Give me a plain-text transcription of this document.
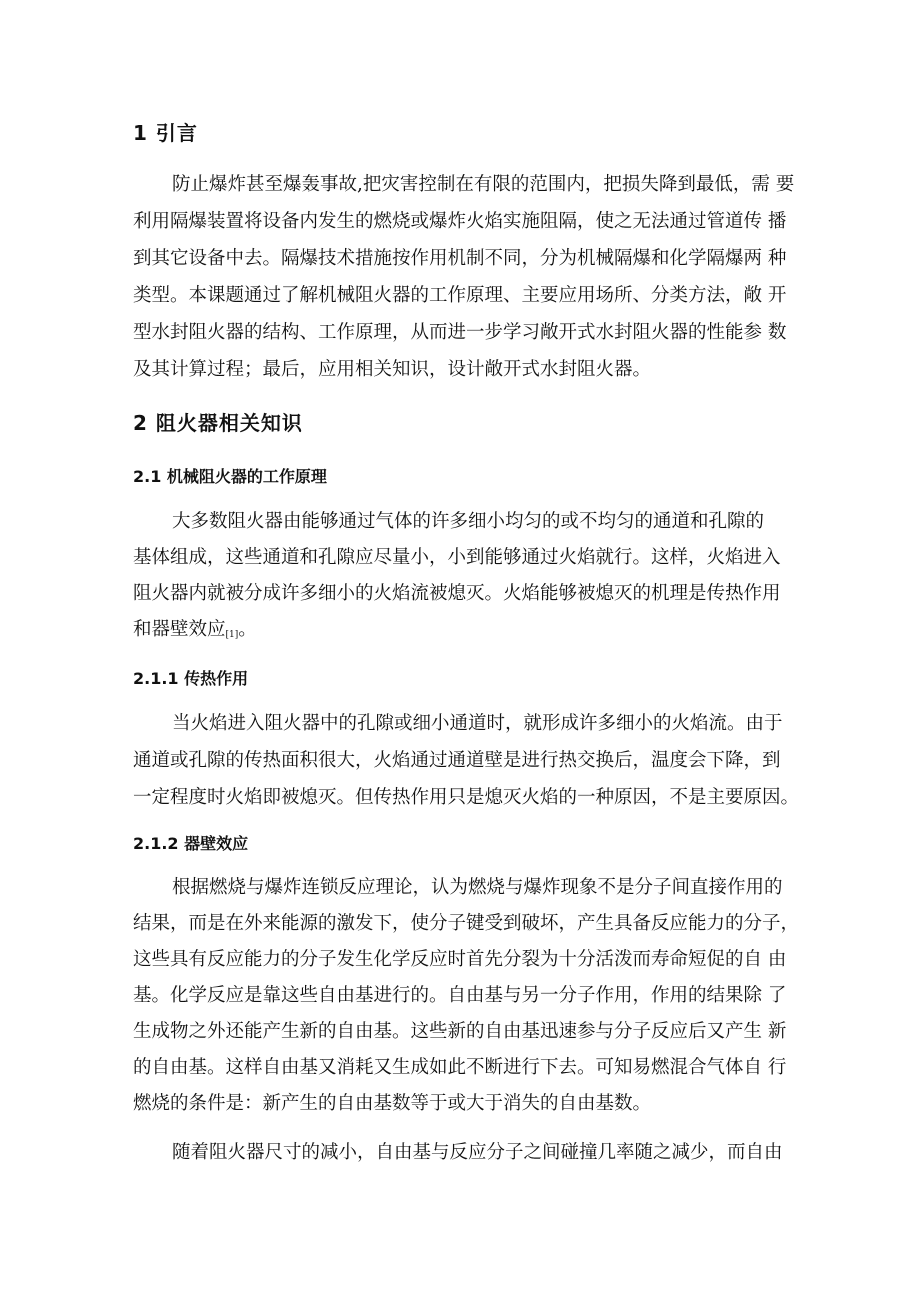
1 引言
防止爆炸甚至爆轰事故,把灾害控制在有限的范围内，把损失降到最低，需 要
利用隔爆装置将设备内发生的燃烧或爆炸火焰实施阻隔，使之无法通过管道传 播
到其它设备中去。隔爆技术措施按作用机制不同，分为机械隔爆和化学隔爆两 种
类型。本课题通过了解机械阻火器的工作原理、主要应用场所、分类方法，敞 开
型水封阻火器的结构、工作原理，从而进一步学习敞开式水封阻火器的性能参 数
及其计算过程；最后，应用相关知识，设计敞开式水封阻火器。
2 阻火器相关知识
2.1 机械阻火器的工作原理
大多数阻火器由能够通过气体的许多细小均匀的或不均匀的通道和孔隙的
基体组成，这些通道和孔隙应尽量小，小到能够通过火焰就行。这样，火焰进入
阻火器内就被分成许多细小的火焰流被熄灭。火焰能够被熄灭的机理是传热作用
和器壁效应[1]。
2.1.1 传热作用
当火焰进入阻火器中的孔隙或细小通道时，就形成许多细小的火焰流。由于
通道或孔隙的传热面积很大，火焰通过通道壁是进行热交换后，温度会下降，到
一定程度时火焰即被熄灭。但传热作用只是熄灭火焰的一种原因，不是主要原因。
2.1.2 器壁效应
根据燃烧与爆炸连锁反应理论，认为燃烧与爆炸现象不是分子间直接作用的
结果，而是在外来能源的激发下，使分子键受到破坏，产生具备反应能力的分子，
这些具有反应能力的分子发生化学反应时首先分裂为十分活泼而寿命短促的自 由
基。化学反应是靠这些自由基进行的。自由基与另一分子作用，作用的结果除 了
生成物之外还能产生新的自由基。这些新的自由基迅速参与分子反应后又产生 新
的自由基。这样自由基又消耗又生成如此不断进行下去。可知易燃混合气体自 行
燃烧的条件是：新产生的自由基数等于或大于消失的自由基数。
随着阻火器尺寸的减小，自由基与反应分子之间碰撞几率随之减少，而自由
